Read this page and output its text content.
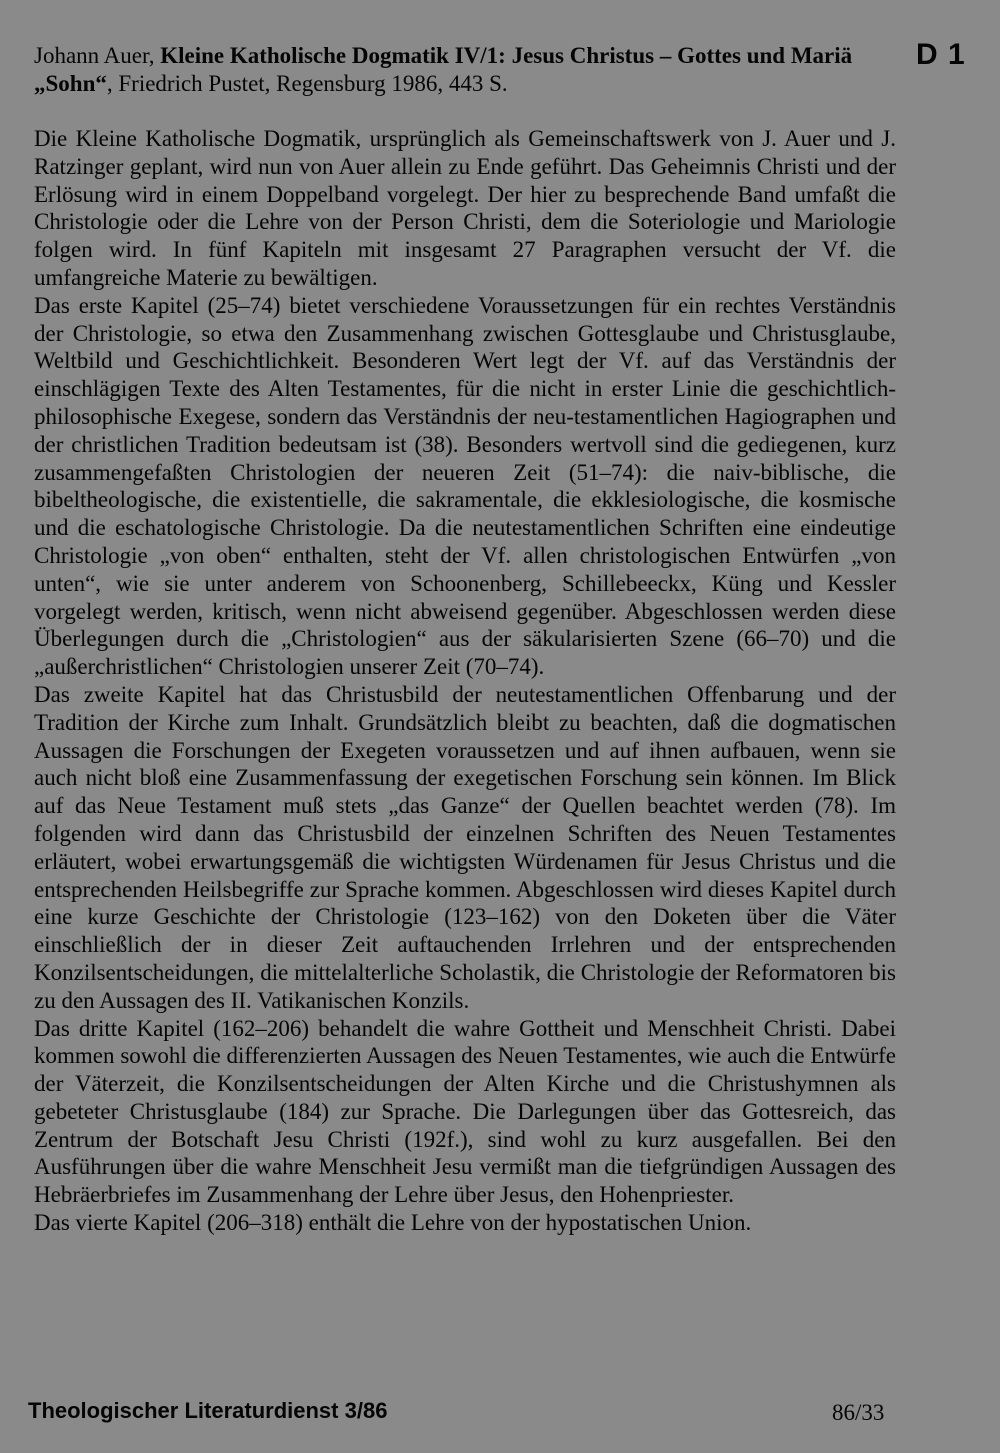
Johann Auer, Kleine Katholische Dogmatik IV/1: Jesus Christus – Gottes und Mariä „Sohn“, Friedrich Pustet, Regensburg 1986, 443 S.
D 1

Die Kleine Katholische Dogmatik, ursprünglich als Gemeinschaftswerk von J. Auer und J. Ratzinger geplant, wird nun von Auer allein zu Ende geführt. Das Geheimnis Christi und der Erlösung wird in einem Doppelband vorgelegt. Der hier zu besprechende Band umfaßt die Christologie oder die Lehre von der Person Christi, dem die Soteriologie und Mariologie folgen wird. In fünf Kapiteln mit insgesamt 27 Paragraphen versucht der Vf. die umfangreiche Materie zu bewältigen.

Das erste Kapitel (25–74) bietet verschiedene Voraussetzungen für ein rechtes Verständnis der Christologie, so etwa den Zusammenhang zwischen Gottesglaube und Christusglaube, Weltbild und Geschichtlichkeit. Besonderen Wert legt der Vf. auf das Verständnis der einschlägigen Texte des Alten Testamentes, für die nicht in erster Linie die geschichtlich-philosophische Exegese, sondern das Verständnis der neu-testamentlichen Hagiographen und der christlichen Tradition bedeutsam ist (38). Besonders wertvoll sind die gediegenen, kurz zusammengefaßten Christologien der neueren Zeit (51–74): die naiv-biblische, die bibeltheologische, die existentielle, die sakramentale, die ekklesiologische, die kosmische und die eschatologische Christologie. Da die neutestamentlichen Schriften eine eindeutige Christologie „von oben“ enthalten, steht der Vf. allen christologischen Entwürfen „von unten“, wie sie unter anderem von Schoonenberg, Schillebeeckx, Küng und Kessler vorgelegt werden, kritisch, wenn nicht abweisend gegenüber. Abgeschlossen werden diese Überlegungen durch die „Christologien“ aus der säkularisierten Szene (66–70) und die „außerchristlichen“ Christologien unserer Zeit (70–74).

Das zweite Kapitel hat das Christusbild der neutestamentlichen Offenbarung und der Tradition der Kirche zum Inhalt. Grundsätzlich bleibt zu beachten, daß die dogmatischen Aussagen die Forschungen der Exegeten voraussetzen und auf ihnen aufbauen, wenn sie auch nicht bloß eine Zusammenfassung der exegetischen Forschung sein können. Im Blick auf das Neue Testament muß stets „das Ganze“ der Quellen beachtet werden (78). Im folgenden wird dann das Christusbild der einzelnen Schriften des Neuen Testamentes erläutert, wobei erwartungsgemäß die wichtigsten Würdenamen für Jesus Christus und die entsprechenden Heilsbegriffe zur Sprache kommen. Abgeschlossen wird dieses Kapitel durch eine kurze Geschichte der Christologie (123–162) von den Doketen über die Väter einschließlich der in dieser Zeit auftauchenden Irrlehren und der entsprechenden Konzilsentscheidungen, die mittelalterliche Scholastik, die Christologie der Reformatoren bis zu den Aussagen des II. Vatikanischen Konzils.

Das dritte Kapitel (162–206) behandelt die wahre Gottheit und Menschheit Christi. Dabei kommen sowohl die differenzierten Aussagen des Neuen Testamentes, wie auch die Entwürfe der Väterzeit, die Konzilsentscheidungen der Alten Kirche und die Christushymnen als gebeteter Christusglaube (184) zur Sprache. Die Darlegungen über das Gottesreich, das Zentrum der Botschaft Jesu Christi (192f.), sind wohl zu kurz ausgefallen. Bei den Ausführungen über die wahre Menschheit Jesu vermißt man die tiefgründigen Aussagen des Hebräerbriefes im Zusammenhang der Lehre über Jesus, den Hohenpriester.

Das vierte Kapitel (206–318) enthält die Lehre von der hypostatischen Union.

Theologischer Literaturdienst 3/86	86/33
